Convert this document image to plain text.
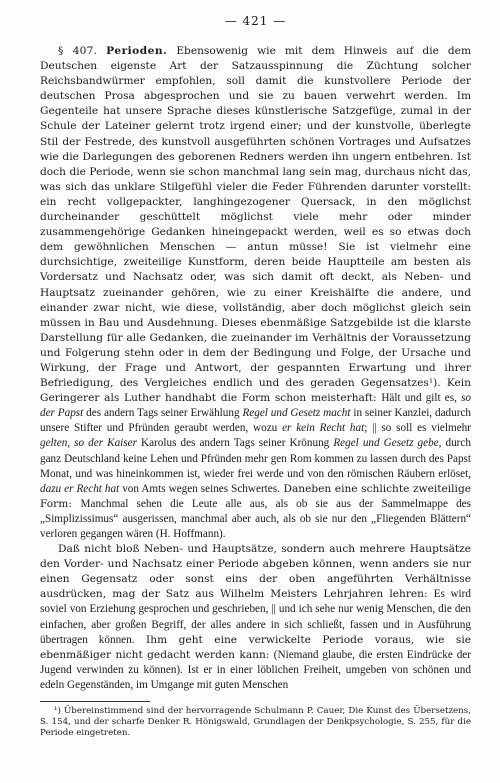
— 421 —

§ 407. Perioden. Ebensowenig wie mit dem Hinweis auf die dem Deutschen eigenste Art der Satzausspinnung die Züchtung solcher Reichsbandwürmer empfohlen, soll damit die kunstvollere Periode der deutschen Prosa abgesprochen und sie zu bauen verwehrt werden. Im Gegenteile hat unsere Sprache dieses künstlerische Satzgefüge, zumal in der Schule der Lateiner gelernt trotz irgend einer; und der kunstvolle, überlegte Stil der Festrede, des kunstvoll ausgeführten schönen Vortrages und Aufsatzes wie die Darlegungen des geborenen Redners werden ihn ungern entbehren. Ist doch die Periode, wenn sie schon manchmal lang sein mag, durchaus nicht das, was sich das unklare Stilgefühl vieler die Feder Führenden darunter vorstellt: ein recht vollgepackter, langhingezogener Quersack, in den möglichst durcheinander geschüttelt möglichst viele mehr oder minder zusammengehörige Gedanken hineingepackt werden, weil es so etwas doch dem gewöhnlichen Menschen — antun müsse! Sie ist vielmehr eine durchsichtige, zweiteilige Kunstform, deren beide Hauptteile am besten als Vordersatz und Nachsatz oder, was sich damit oft deckt, als Neben- und Hauptsatz zueinander gehören, wie zu einer Kreishälfte die andere, und einander zwar nicht, wie diese, vollständig, aber doch möglichst gleich sein müssen in Bau und Ausdehnung. Dieses ebenmäßige Satzgebilde ist die klarste Darstellung für alle Gedanken, die zueinander im Verhältnis der Voraussetzung und Folgerung stehn oder in dem der Bedingung und Folge, der Ursache und Wirkung, der Frage und Antwort, der gespannten Erwartung und ihrer Befriedigung, des Vergleiches endlich und des geraden Gegensatzes¹). Kein Geringerer als Luther handhabt die Form schon meisterhaft: Hält und gilt es, so der Papst des andern Tags seiner Erwählung Regel und Gesetz macht in seiner Kanzlei, dadurch unsere Stifter und Pfründen geraubt werden, wozu er kein Recht hat; || so soll es vielmehr gelten, so der Kaiser Karolus des andern Tags seiner Krönung Regel und Gesetz gebe, durch ganz Deutschland keine Lehen und Pfründen mehr gen Rom kommen zu lassen durch des Papst Monat, und was hineinkommen ist, wieder frei werde und von den römischen Räubern erlöset, dazu er Recht hat von Amts wegen seines Schwertes. Daneben eine schlichte zweiteilige Form: Manchmal sehen die Leute alle aus, als ob sie aus der Sammelmappe des „Simplizissimus“ ausgerissen, manchmal aber auch, als ob sie nur den „Fliegenden Blättern“ verloren gegangen wären (H. Hoffmann).

Daß nicht bloß Neben- und Hauptsätze, sondern auch mehrere Hauptsätze den Vorder- und Nachsatz einer Periode abgeben können, wenn anders sie nur einen Gegensatz oder sonst eins der oben angeführten Verhältnisse ausdrücken, mag der Satz aus Wilhelm Meisters Lehrjahren lehren: Es wird soviel von Erziehung gesprochen und geschrieben, || und ich sehe nur wenig Menschen, die den einfachen, aber großen Begriff, der alles andere in sich schließt, fassen und in Ausführung übertragen können. Ihm geht eine verwickelte Periode voraus, wie sie ebenmäßiger nicht gedacht werden kann: (Niemand glaube, die ersten Eindrücke der Jugend verwinden zu können). Ist er in einer löblichen Freiheit, umgeben von schönen und edeln Gegenständen, im Umgange mit guten Menschen

¹) Übereinstimmend sind der hervorragende Schulmann P. Cauer, Die Kunst des Übersetzens, S. 154, und der scharfe Denker R. Hönigswald, Grundlagen der Denkpsychologie, S. 255, für die Periode eingetreten.
